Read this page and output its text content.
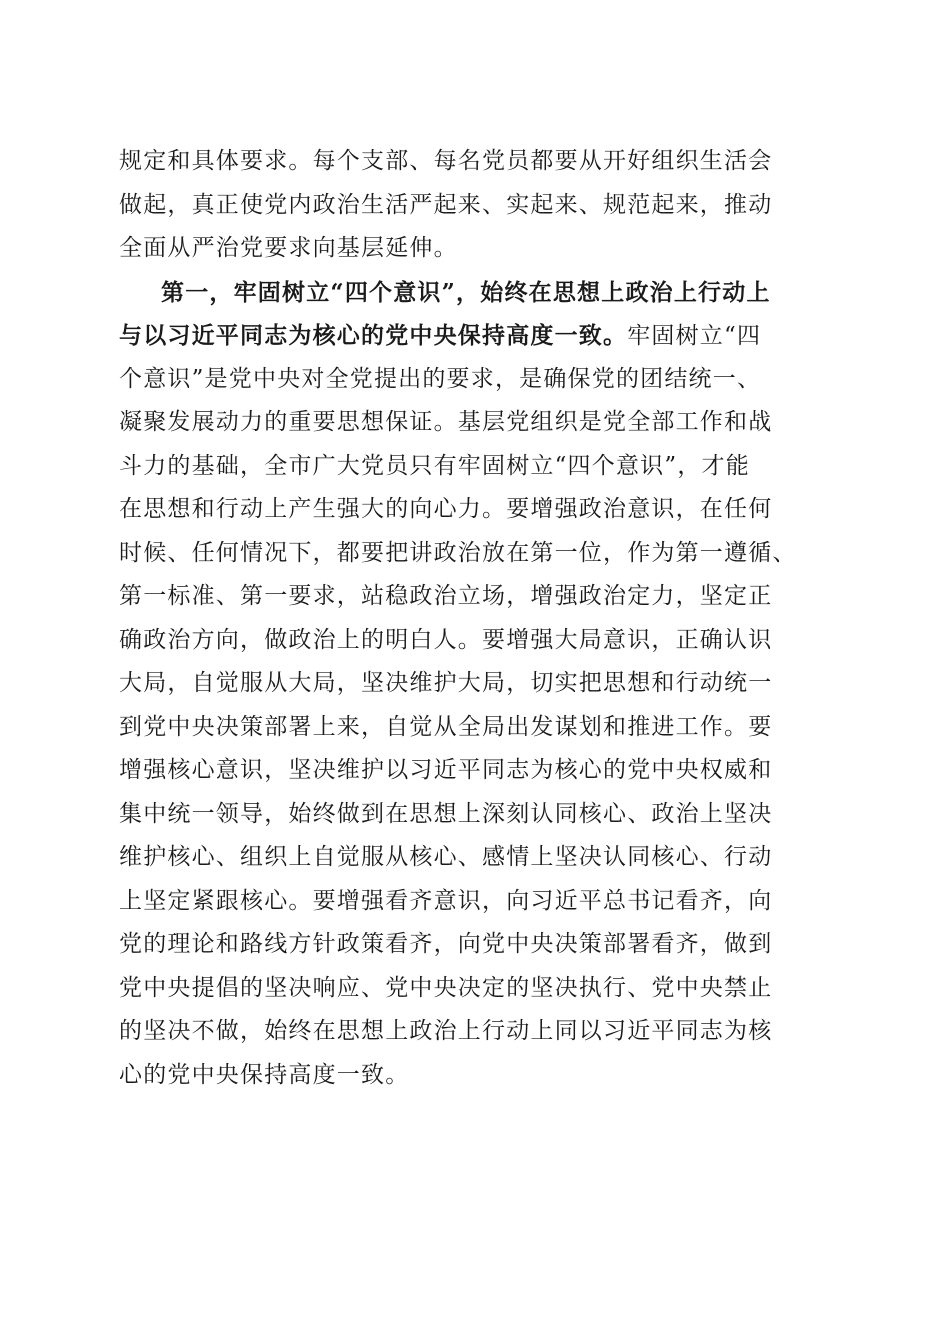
规定和具体要求。每个支部、每名党员都要从开好组织生活会
做起，真正使党内政治生活严起来、实起来、规范起来，推动
全面从严治党要求向基层延伸。
第一，牢固树立“四个意识”，始终在思想上政治上行动上
与以习近平同志为核心的党中央保持高度一致。牢固树立“四
个意识”是党中央对全党提出的要求，是确保党的团结统一、
凝聚发展动力的重要思想保证。基层党组织是党全部工作和战
斗力的基础，全市广大党员只有牢固树立“四个意识”，才能
在思想和行动上产生强大的向心力。要增强政治意识，在任何
时候、任何情况下，都要把讲政治放在第一位，作为第一遵循、
第一标准、第一要求，站稳政治立场，增强政治定力，坚定正
确政治方向，做政治上的明白人。要增强大局意识，正确认识
大局，自觉服从大局，坚决维护大局，切实把思想和行动统一
到党中央决策部署上来，自觉从全局出发谋划和推进工作。要
增强核心意识，坚决维护以习近平同志为核心的党中央权威和
集中统一领导，始终做到在思想上深刻认同核心、政治上坚决
维护核心、组织上自觉服从核心、感情上坚决认同核心、行动
上坚定紧跟核心。要增强看齐意识，向习近平总书记看齐，向
党的理论和路线方针政策看齐，向党中央决策部署看齐，做到
党中央提倡的坚决响应、党中央决定的坚决执行、党中央禁止
的坚决不做，始终在思想上政治上行动上同以习近平同志为核
心的党中央保持高度一致。
